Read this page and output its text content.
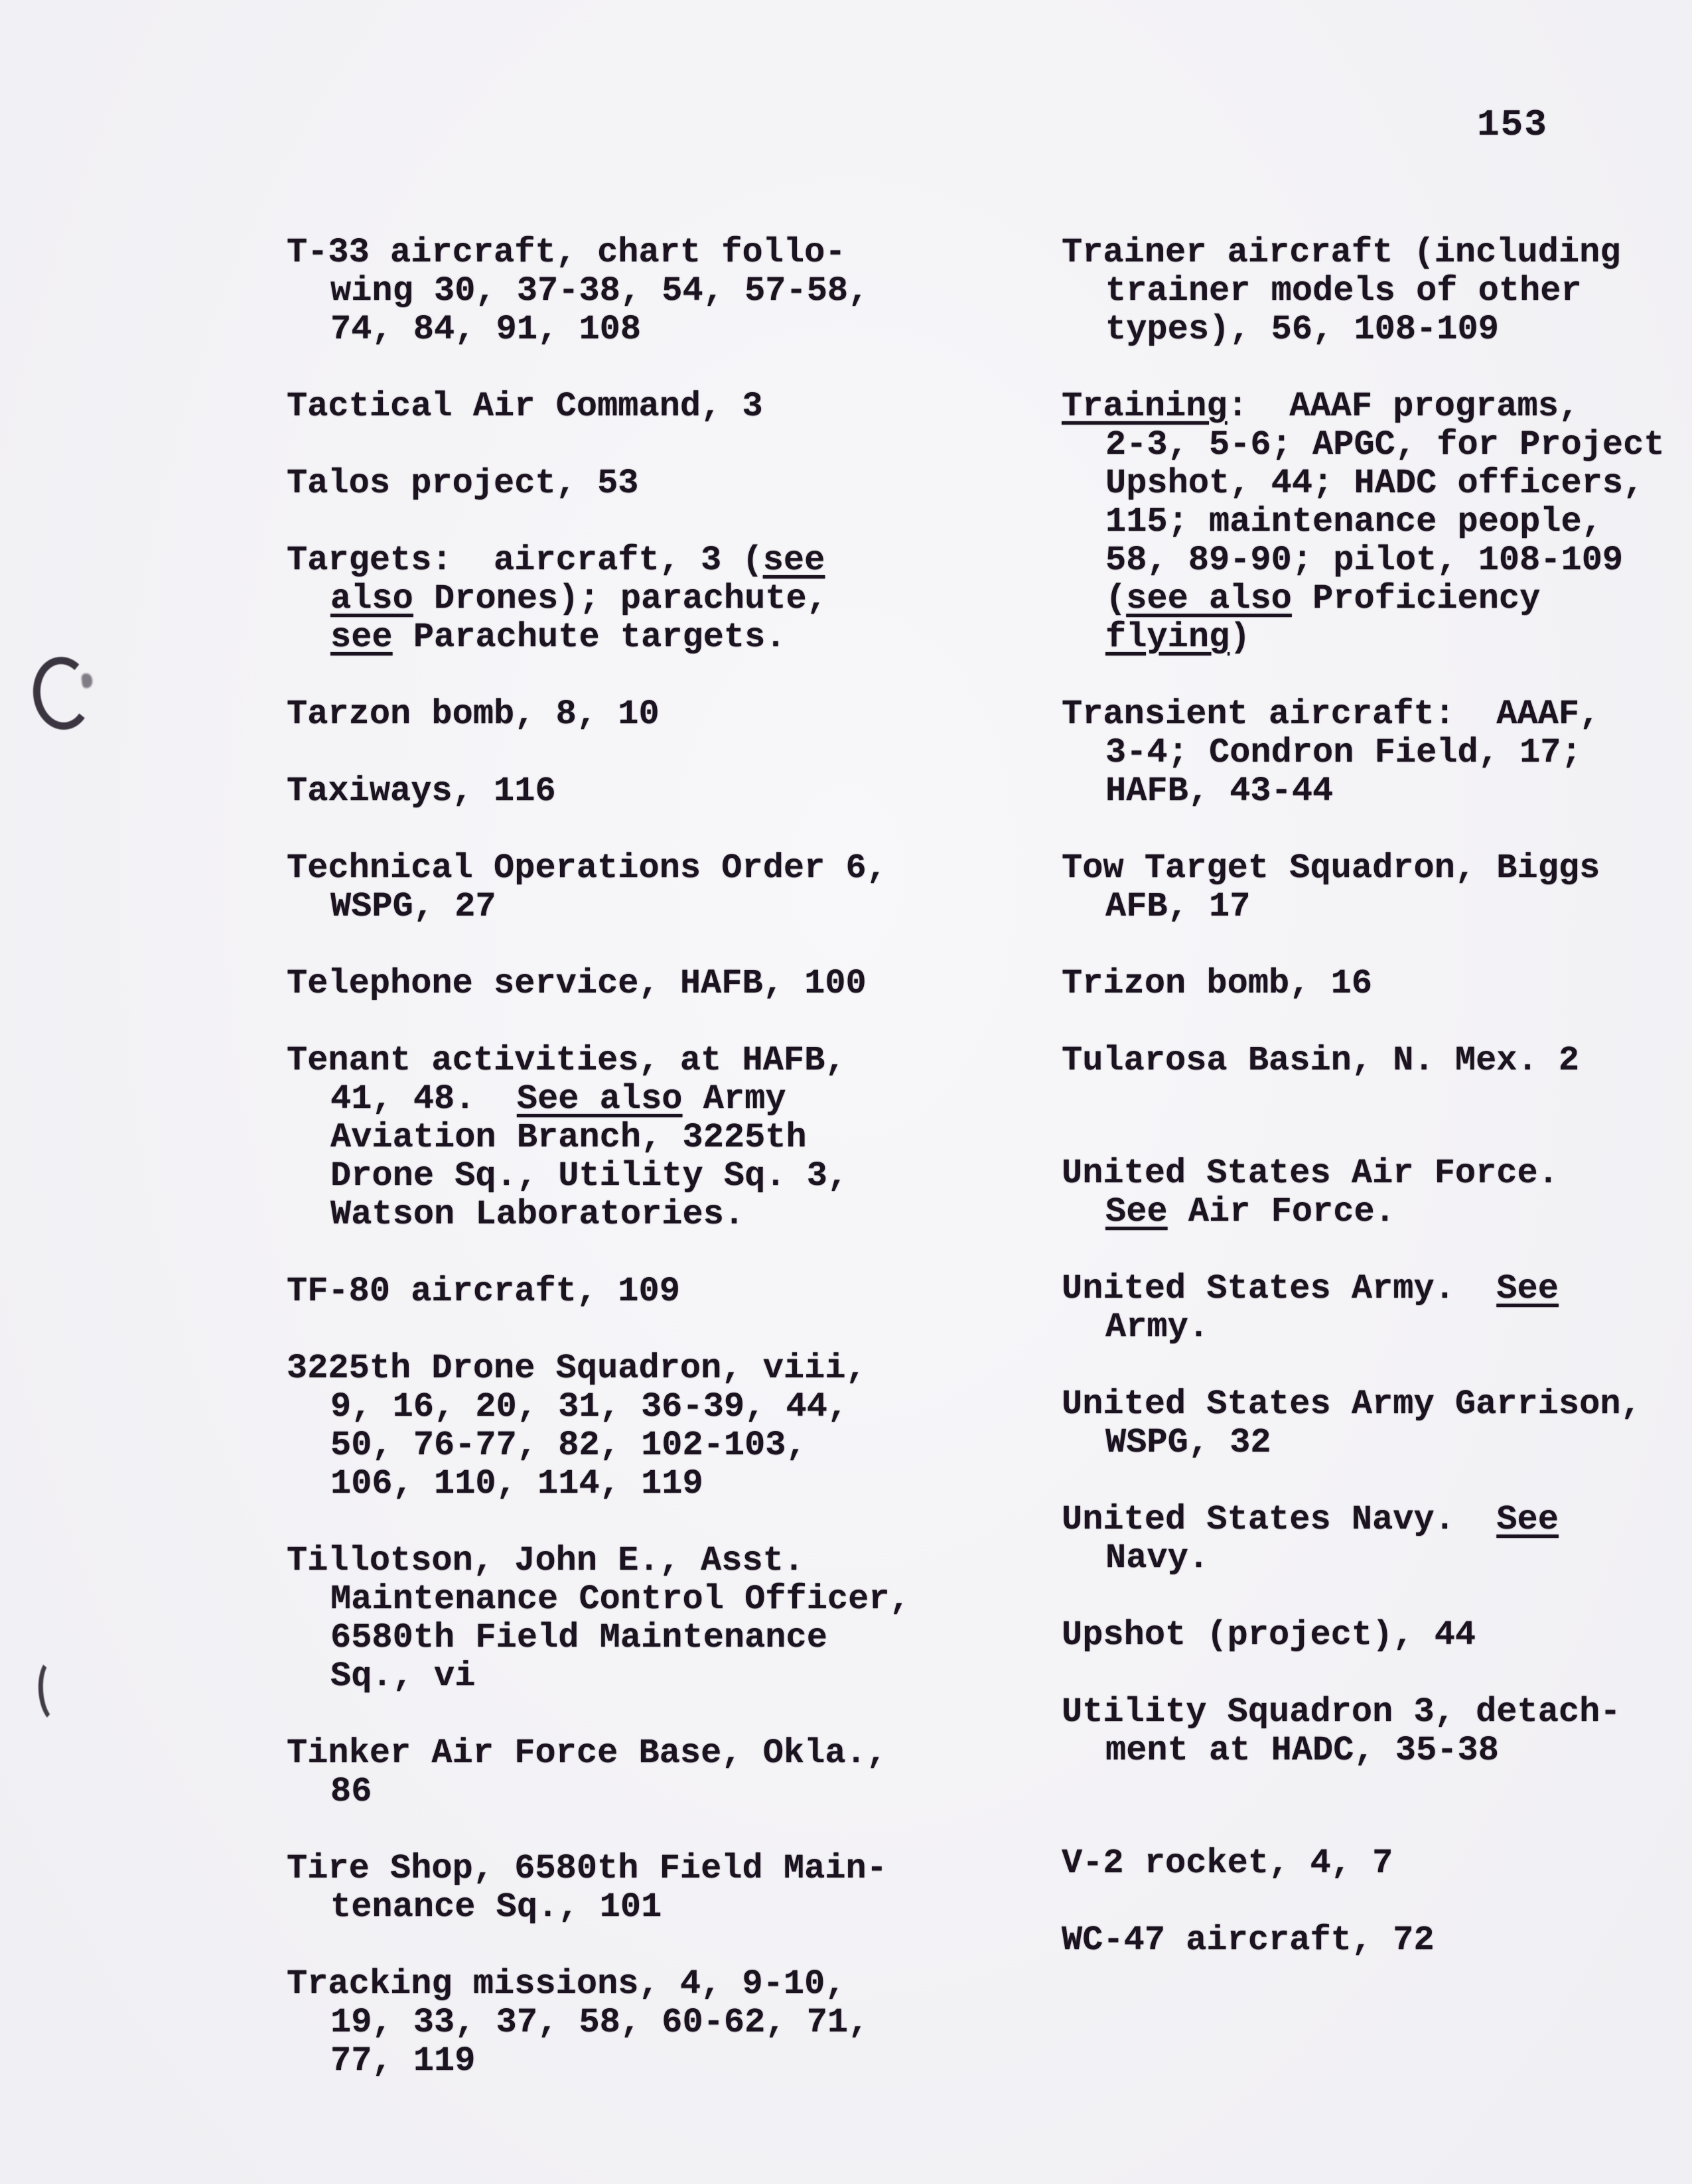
153
T-33 aircraft, chart follo-
wing 30, 37-38, 54, 57-58,
74, 84, 91, 108
Tactical Air Command, 3
Talos project, 53
Targets:  aircraft, 3 (see
also Drones); parachute,
see Parachute targets.
Tarzon bomb, 8, 10
Taxiways, 116
Technical Operations Order 6,
WSPG, 27
Telephone service, HAFB, 100
Tenant activities, at HAFB,
41, 48.  See also Army
Aviation Branch, 3225th
Drone Sq., Utility Sq. 3,
Watson Laboratories.
TF-80 aircraft, 109
3225th Drone Squadron, viii,
9, 16, 20, 31, 36-39, 44,
50, 76-77, 82, 102-103,
106, 110, 114, 119
Tillotson, John E., Asst.
Maintenance Control Officer,
6580th Field Maintenance
Sq., vi
Tinker Air Force Base, Okla.,
86
Tire Shop, 6580th Field Main-
tenance Sq., 101
Tracking missions, 4, 9-10,
19, 33, 37, 58, 60-62, 71,
77, 119
Trainer aircraft (including
trainer models of other
types), 56, 108-109
Training:  AAAF programs,
2-3, 5-6; APGC, for Project
Upshot, 44; HADC officers,
115; maintenance people,
58, 89-90; pilot, 108-109
(see also Proficiency
flying)
Transient aircraft:  AAAF,
3-4; Condron Field, 17;
HAFB, 43-44
Tow Target Squadron, Biggs
AFB, 17
Trizon bomb, 16
Tularosa Basin, N. Mex. 2
United States Air Force.
See Air Force.
United States Army.  See
Army.
United States Army Garrison,
WSPG, 32
United States Navy.  See
Navy.
Upshot (project), 44
Utility Squadron 3, detach-
ment at HADC, 35-38
V-2 rocket, 4, 7
WC-47 aircraft, 72
